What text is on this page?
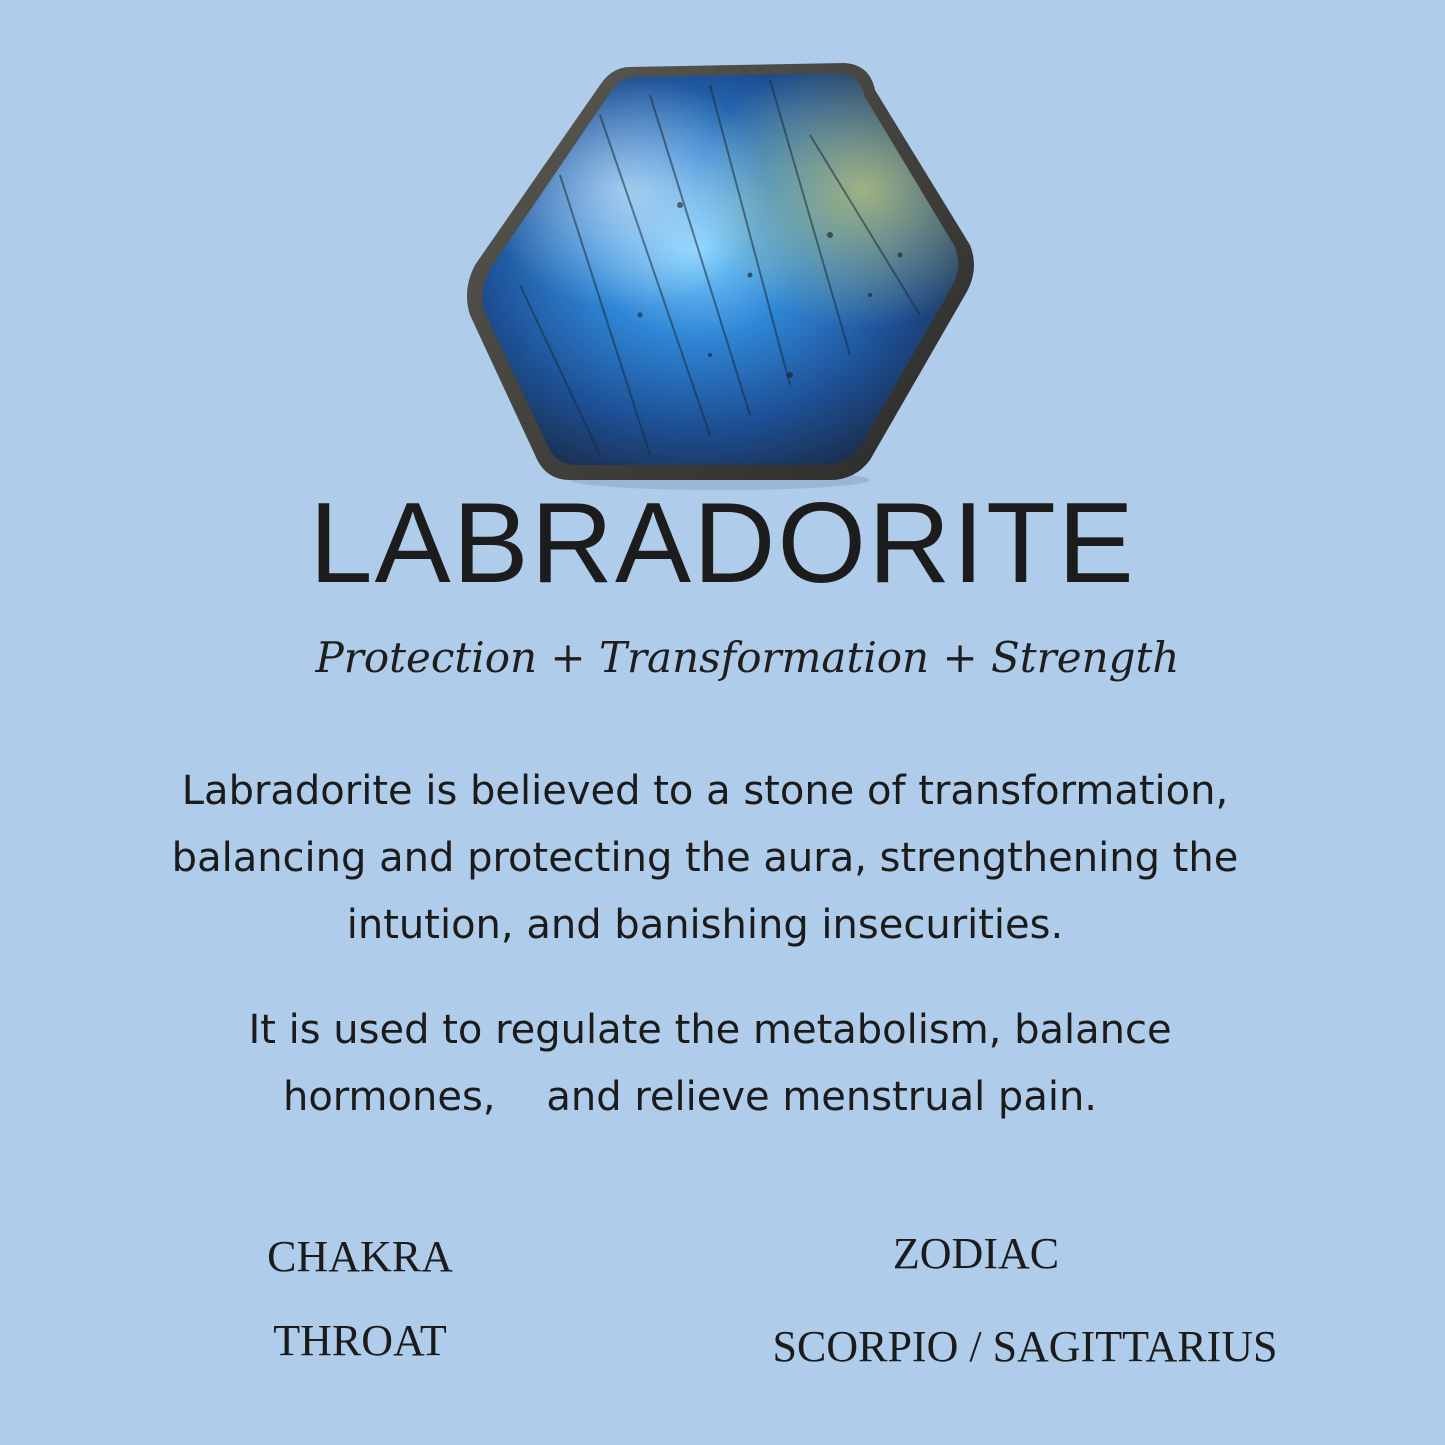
LABRADORITE
Protection + Transformation + Strength
Labradorite is believed to a stone of transformation,
balancing and protecting the aura, strengthening the
intution, and banishing insecurities.
It is used to regulate the metabolism, balance
hormones,    and relieve menstrual pain.
CHAKRA
THROAT
ZODIAC
SCORPIO / SAGITTARIUS
